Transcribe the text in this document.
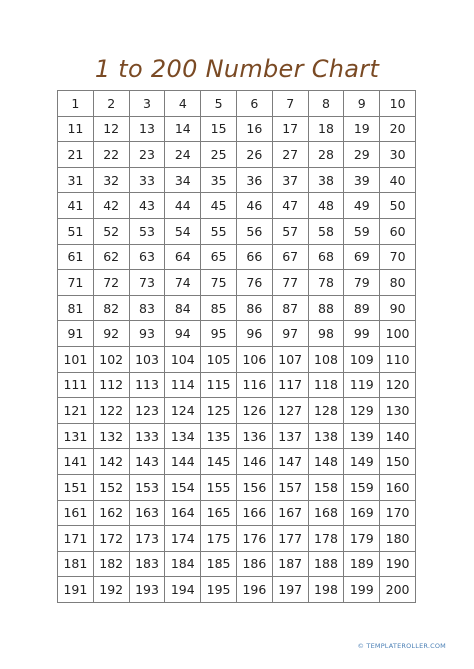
1 to 200 Number Chart
1	2	3	4	5	6	7	8	9	10
11	12	13	14	15	16	17	18	19	20
21	22	23	24	25	26	27	28	29	30
31	32	33	34	35	36	37	38	39	40
41	42	43	44	45	46	47	48	49	50
51	52	53	54	55	56	57	58	59	60
61	62	63	64	65	66	67	68	69	70
71	72	73	74	75	76	77	78	79	80
81	82	83	84	85	86	87	88	89	90
91	92	93	94	95	96	97	98	99	100
101	102	103	104	105	106	107	108	109	110
111	112	113	114	115	116	117	118	119	120
121	122	123	124	125	126	127	128	129	130
131	132	133	134	135	136	137	138	139	140
141	142	143	144	145	146	147	148	149	150
151	152	153	154	155	156	157	158	159	160
161	162	163	164	165	166	167	168	169	170
171	172	173	174	175	176	177	178	179	180
181	182	183	184	185	186	187	188	189	190
191	192	193	194	195	196	197	198	199	200
© TEMPLATEROLLER.COM
